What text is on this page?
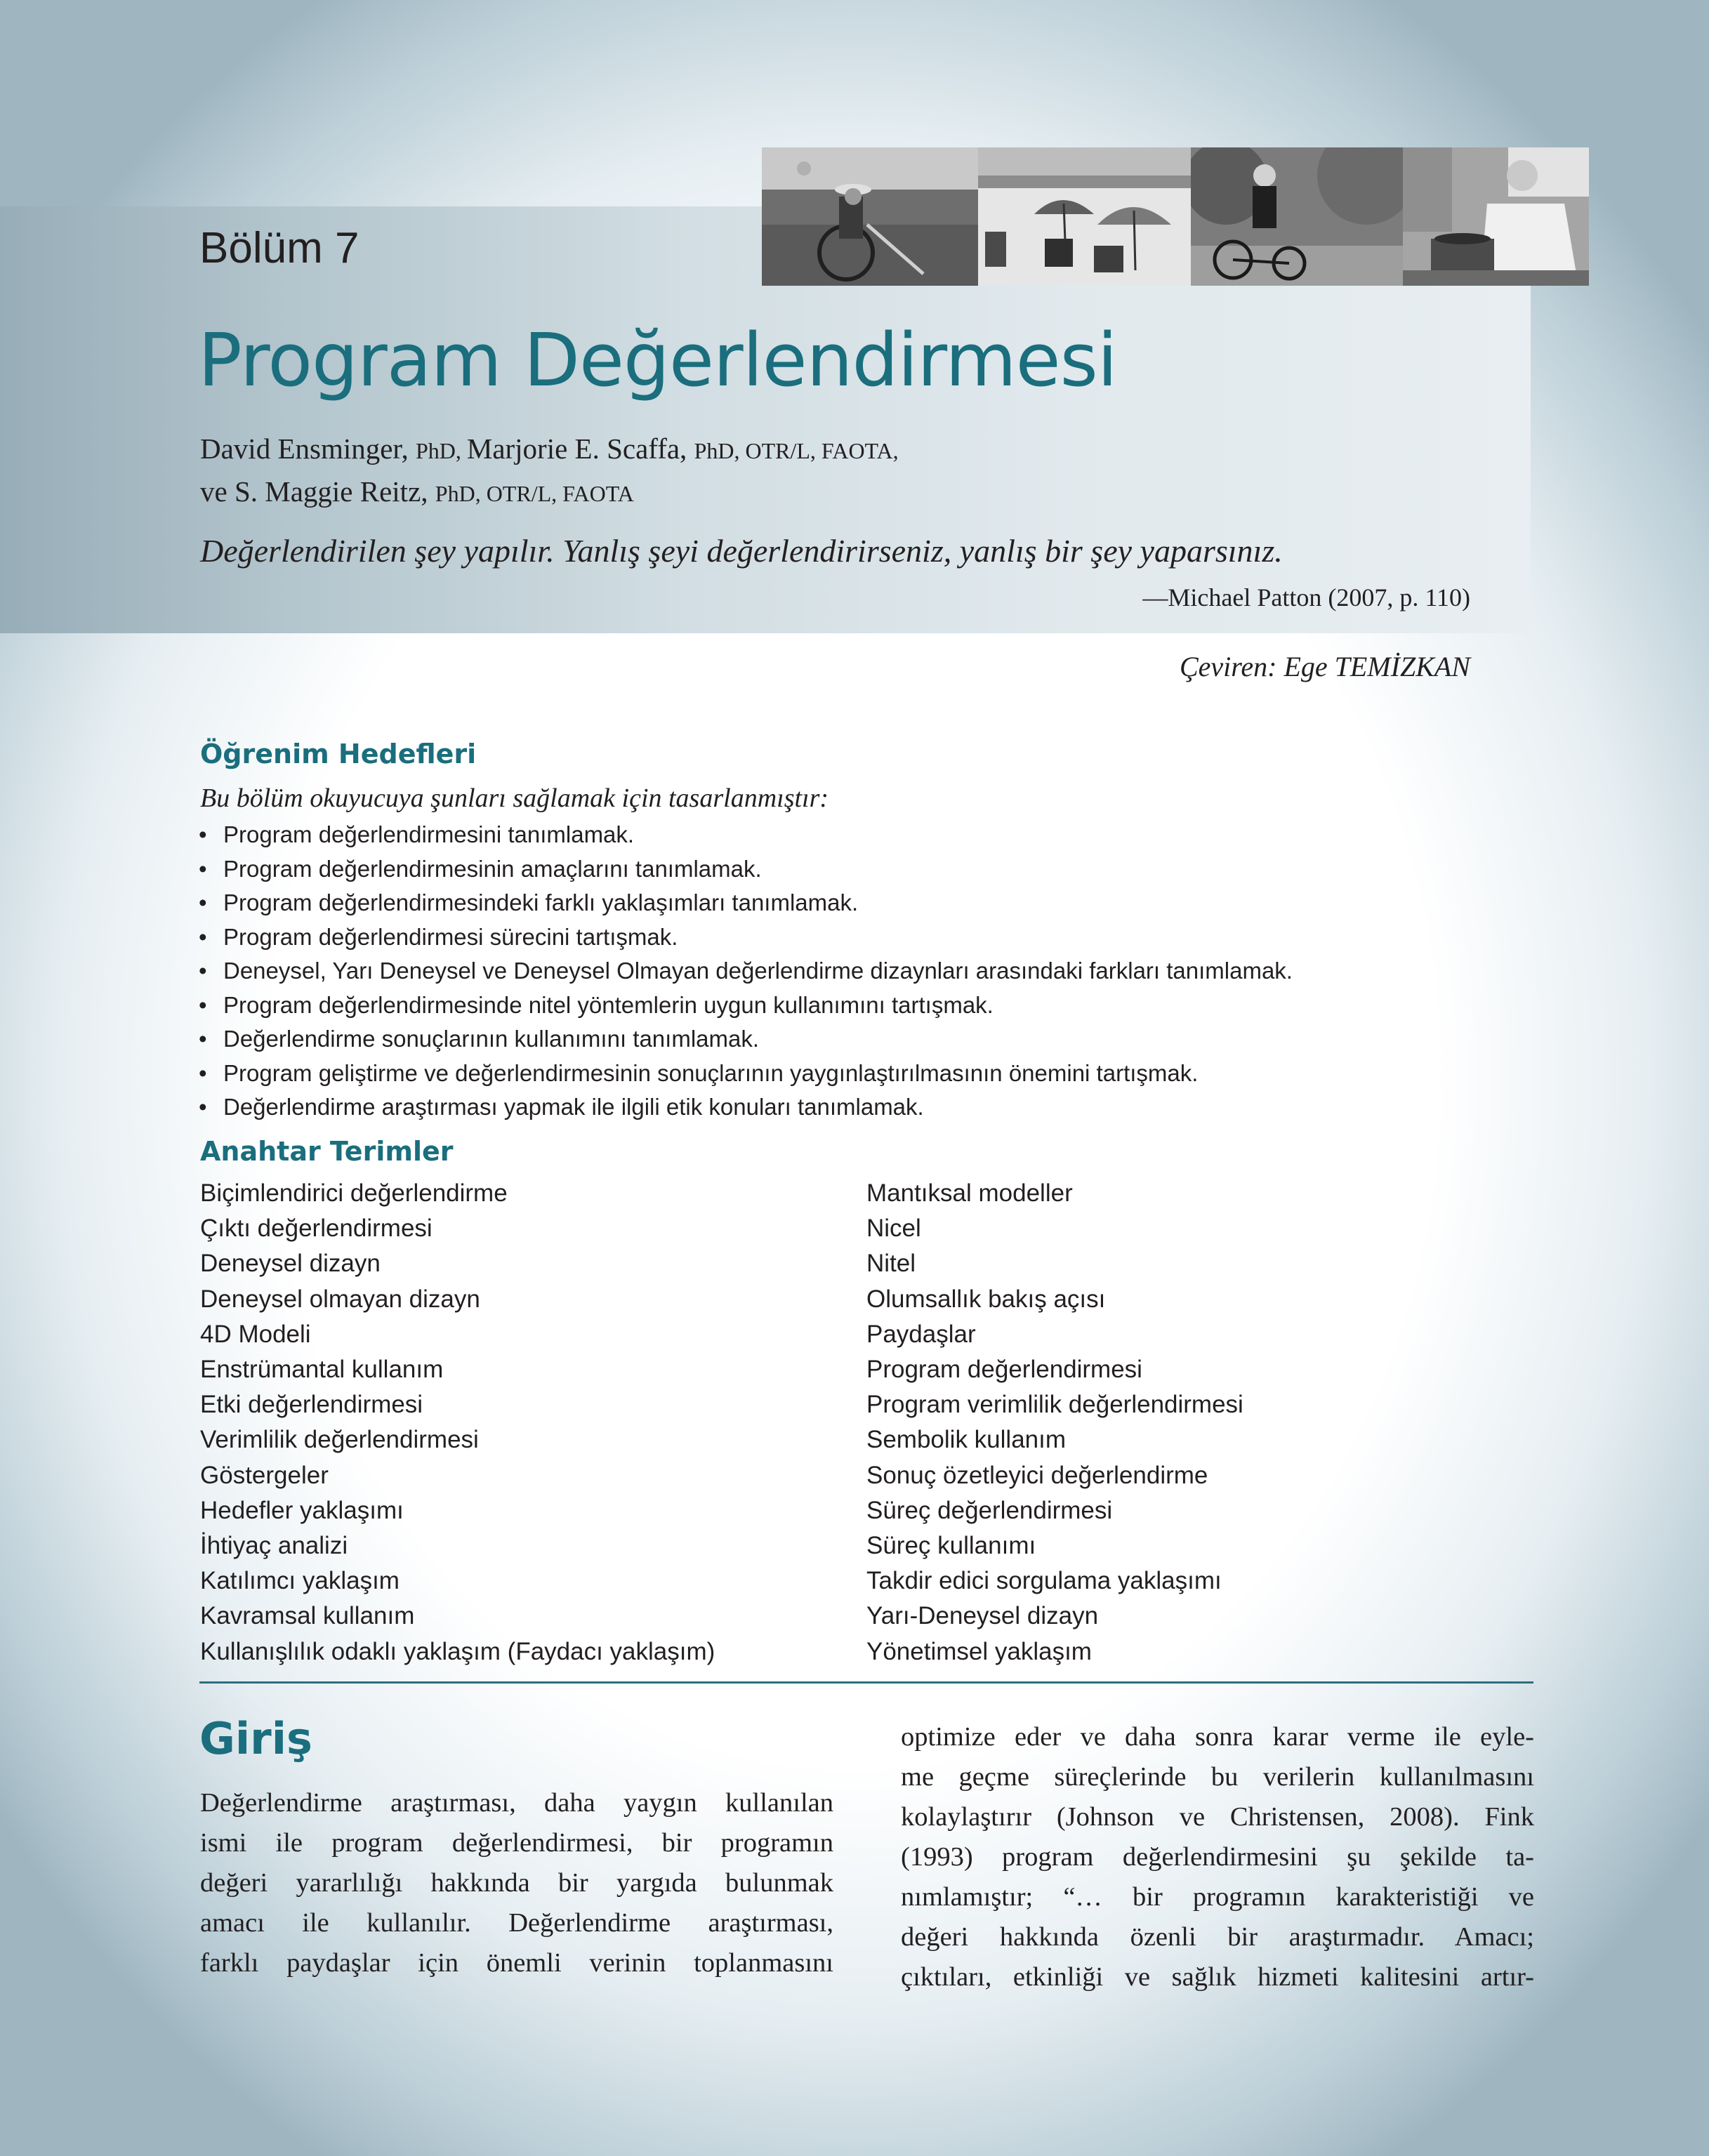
Bölüm 7
Program Değerlendirmesi
David Ensminger, PhD, Marjorie E. Scaffa, PhD, OTR/L, FAOTA,
ve S. Maggie Reitz, PhD, OTR/L, FAOTA
Değerlendirilen şey yapılır. Yanlış şeyi değerlendirirseniz, yanlış bir şey yaparsınız.
—Michael Patton (2007, p. 110)
Çeviren: Ege TEMİZKAN
Öğrenim Hedefleri
Bu bölüm okuyucuya şunları sağlamak için tasarlanmıştır:
• Program değerlendirmesini tanımlamak.
• Program değerlendirmesinin amaçlarını tanımlamak.
• Program değerlendirmesindeki farklı yaklaşımları tanımlamak.
• Program değerlendirmesi sürecini tartışmak.
• Deneysel, Yarı Deneysel ve Deneysel Olmayan değerlendirme dizaynları arasındaki farkları tanımlamak.
• Program değerlendirmesinde nitel yöntemlerin uygun kullanımını tartışmak.
• Değerlendirme sonuçlarının kullanımını tanımlamak.
• Program geliştirme ve değerlendirmesinin sonuçlarının yaygınlaştırılmasının önemini tartışmak.
• Değerlendirme araştırması yapmak ile ilgili etik konuları tanımlamak.
Anahtar Terimler
Biçimlendirici değerlendirme
Çıktı değerlendirmesi
Deneysel dizayn
Deneysel olmayan dizayn
4D Modeli
Enstrümantal kullanım
Etki değerlendirmesi
Verimlilik değerlendirmesi
Göstergeler
Hedefler yaklaşımı
İhtiyaç analizi
Katılımcı yaklaşım
Kavramsal kullanım
Kullanışlılık odaklı yaklaşım (Faydacı yaklaşım)
Mantıksal modeller
Nicel
Nitel
Olumsallık bakış açısı
Paydaşlar
Program değerlendirmesi
Program verimlilik değerlendirmesi
Sembolik kullanım
Sonuç özetleyici değerlendirme
Süreç değerlendirmesi
Süreç kullanımı
Takdir edici sorgulama yaklaşımı
Yarı-Deneysel dizayn
Yönetimsel yaklaşım
Giriş
Değerlendirme araştırması, daha yaygın kullanılan
ismi ile program değerlendirmesi, bir programın
değeri yararlılığı hakkında bir yargıda bulunmak
amacı ile kullanılır. Değerlendirme araştırması,
farklı paydaşlar için önemli verinin toplanmasını
optimize eder ve daha sonra karar verme ile eyle-
me geçme süreçlerinde bu verilerin kullanılmasını
kolaylaştırır (Johnson ve Christensen, 2008). Fink
(1993) program değerlendirmesini şu şekilde ta-
nımlamıştır; “… bir programın karakteristiği ve
değeri hakkında özenli bir araştırmadır. Amacı;
çıktıları, etkinliği ve sağlık hizmeti kalitesini artır-
